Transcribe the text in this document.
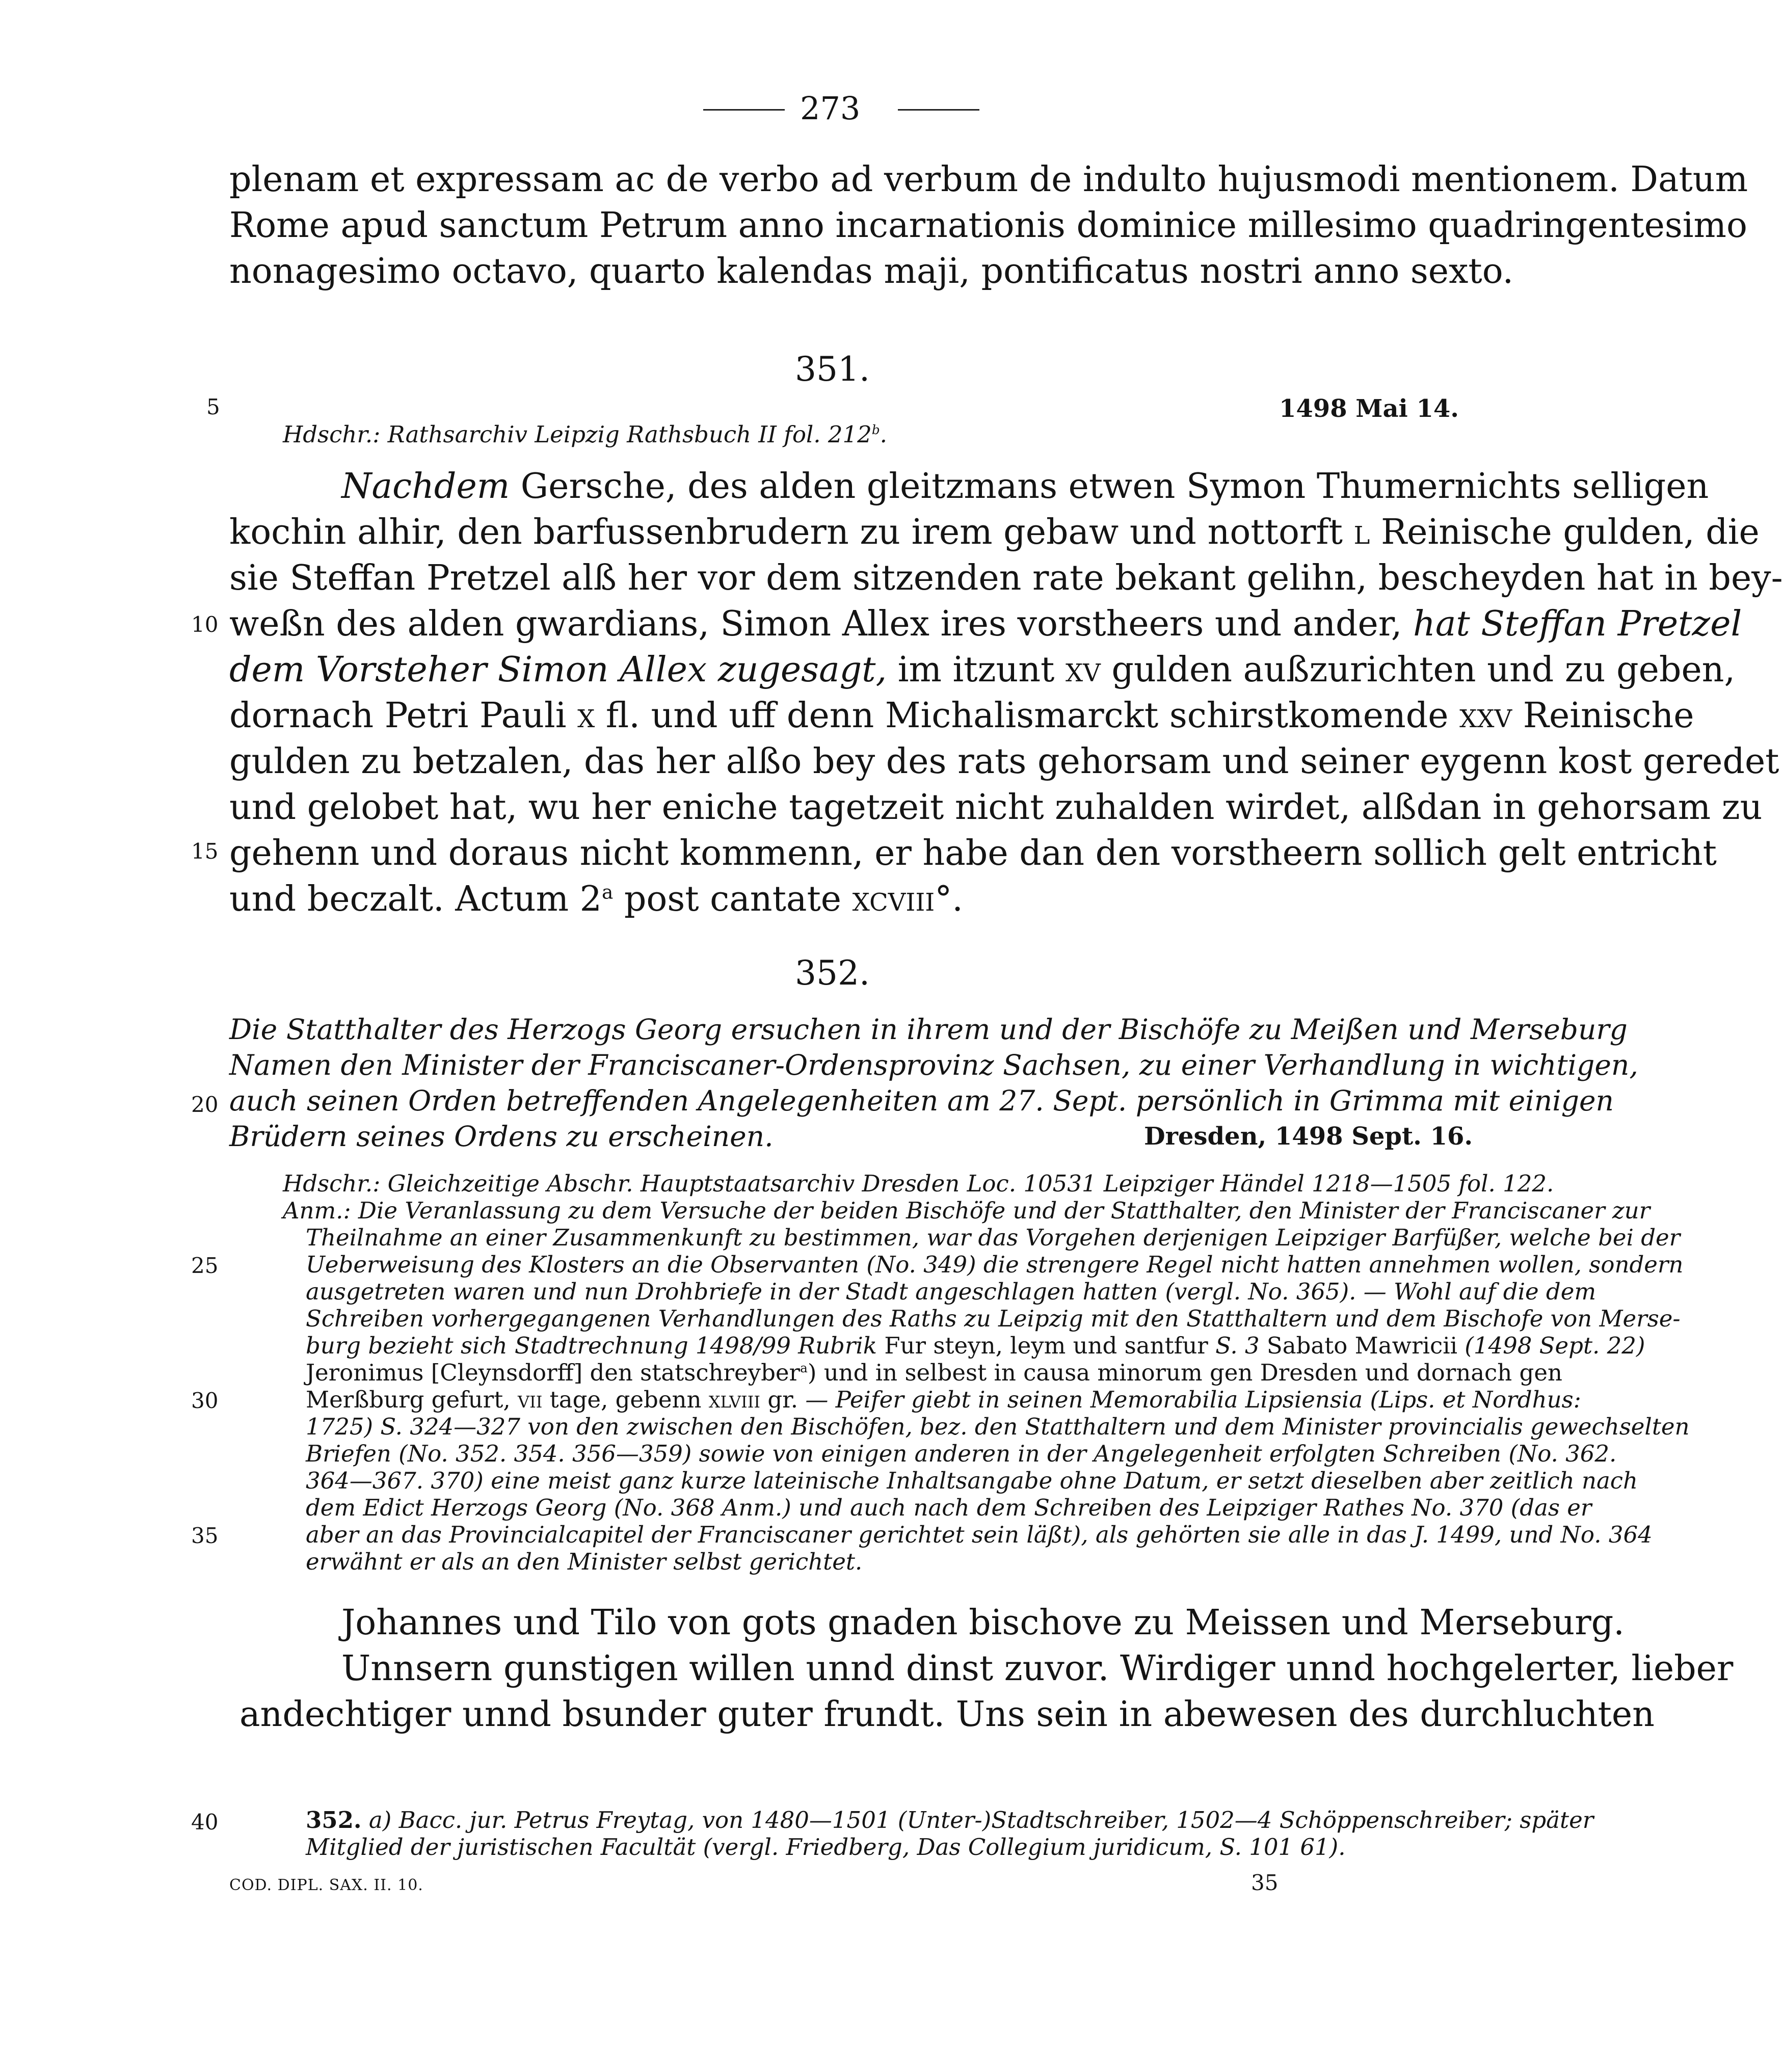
273
plenam et expressam ac de verbo ad verbum de indulto hujusmodi mentionem. Datum
Rome apud sanctum Petrum anno incarnationis dominice millesimo quadringentesimo
nonagesimo octavo, quarto kalendas maji, pontificatus nostri anno sexto.
351.
5	1498 Mai 14.
Hdschr.: Rathsarchiv Leipzig Rathsbuch II fol. 212$^b$.
Nachdem Gersche, des alden gleitzmans etwen Symon Thumernichts selligen
kochin alhir, den barfussenbrudern zu irem gebaw und nottorft l Reinische gulden, die
sie Steffan Pretzel alß her vor dem sitzenden rate bekant gelihn, bescheyden hat in bey-
10 weßn des alden gwardians, Simon Allex ires vorstheers und ander, hat Steffan Pretzel
dem Vorsteher Simon Allex zugesagt, im itzunt xv gulden außzurichten und zu geben,
dornach Petri Pauli x fl. und uff denn Michalismarckt schirstkomende xxv Reinische
gulden zu betzalen, das her alßo bey des rats gehorsam und seiner eygenn kost geredet
und gelobet hat, wu her eniche tagetzeit nicht zuhalden wirdet, alßdan in gehorsam zu
15 gehenn und doraus nicht kommenn, er habe dan den vorstheern sollich gelt entricht
und beczalt. Actum 2$^a$ post cantate xcviii°.
352.
Die Statthalter des Herzogs Georg ersuchen in ihrem und der Bischöfe zu Meißen und Merseburg
Namen den Minister der Franciscaner-Ordensprovinz Sachsen, zu einer Verhandlung in wichtigen,
20 auch seinen Orden betreffenden Angelegenheiten am 27. Sept. persönlich in Grimma mit einigen
Brüdern seines Ordens zu erscheinen.	Dresden, 1498 Sept. 16.
Hdschr.: Gleichzeitige Abschr. Hauptstaatsarchiv Dresden Loc. 10531 Leipziger Händel 1218—1505 fol. 122.
Anm.: Die Veranlassung zu dem Versuche der beiden Bischöfe und der Statthalter, den Minister der Franciscaner zur
Theilnahme an einer Zusammenkunft zu bestimmen, war das Vorgehen derjenigen Leipziger Barfüßer, welche bei der
25	Ueberweisung des Klosters an die Observanten (No. 349) die strengere Regel nicht hatten annehmen wollen, sondern
ausgetreten waren und nun Drohbriefe in der Stadt angeschlagen hatten (vergl. No. 365). — Wohl auf die dem
Schreiben vorhergegangenen Verhandlungen des Raths zu Leipzig mit den Statthaltern und dem Bischofe von Merse-
burg bezieht sich Stadtrechnung 1498/99 Rubrik Fur steyn, leym und santfur S. 3 Sabato Mawricii (1498 Sept. 22)
Jeronimus [Cleynsdorff] den statschreyber$^a$) und in selbest in causa minorum gen Dresden und dornach gen
30	Merßburg gefurt, vii tage, gebenn xlviii gr. — Peifer giebt in seinen Memorabilia Lipsiensia (Lips. et Nordhus:
1725) S. 324—327 von den zwischen den Bischöfen, bez. den Statthaltern und dem Minister provincialis gewechselten
Briefen (No. 352. 354. 356—359) sowie von einigen anderen in der Angelegenheit erfolgten Schreiben (No. 362.
364—367. 370) eine meist ganz kurze lateinische Inhaltsangabe ohne Datum, er setzt dieselben aber zeitlich nach
dem Edict Herzogs Georg (No. 368 Anm.) und auch nach dem Schreiben des Leipziger Rathes No. 370 (das er
35	aber an das Provincialcapitel der Franciscaner gerichtet sein läßt), als gehörten sie alle in das J. 1499, und No. 364
erwähnt er als an den Minister selbst gerichtet.
Johannes und Tilo von gots gnaden bischove zu Meissen und Merseburg.
Unnsern gunstigen willen unnd dinst zuvor. Wirdiger unnd hochgelerter, lieber
andechtiger unnd bsunder guter frundt. Uns sein in abewesen des durchluchten
40	352. a) Bacc. jur. Petrus Freytag, von 1480—1501 (Unter-)Stadtschreiber, 1502—4 Schöppenschreiber; später
Mitglied der juristischen Facultät (vergl. Friedberg, Das Collegium juridicum, S. 101 61).
COD. DIPL. SAX. II. 10.	35
